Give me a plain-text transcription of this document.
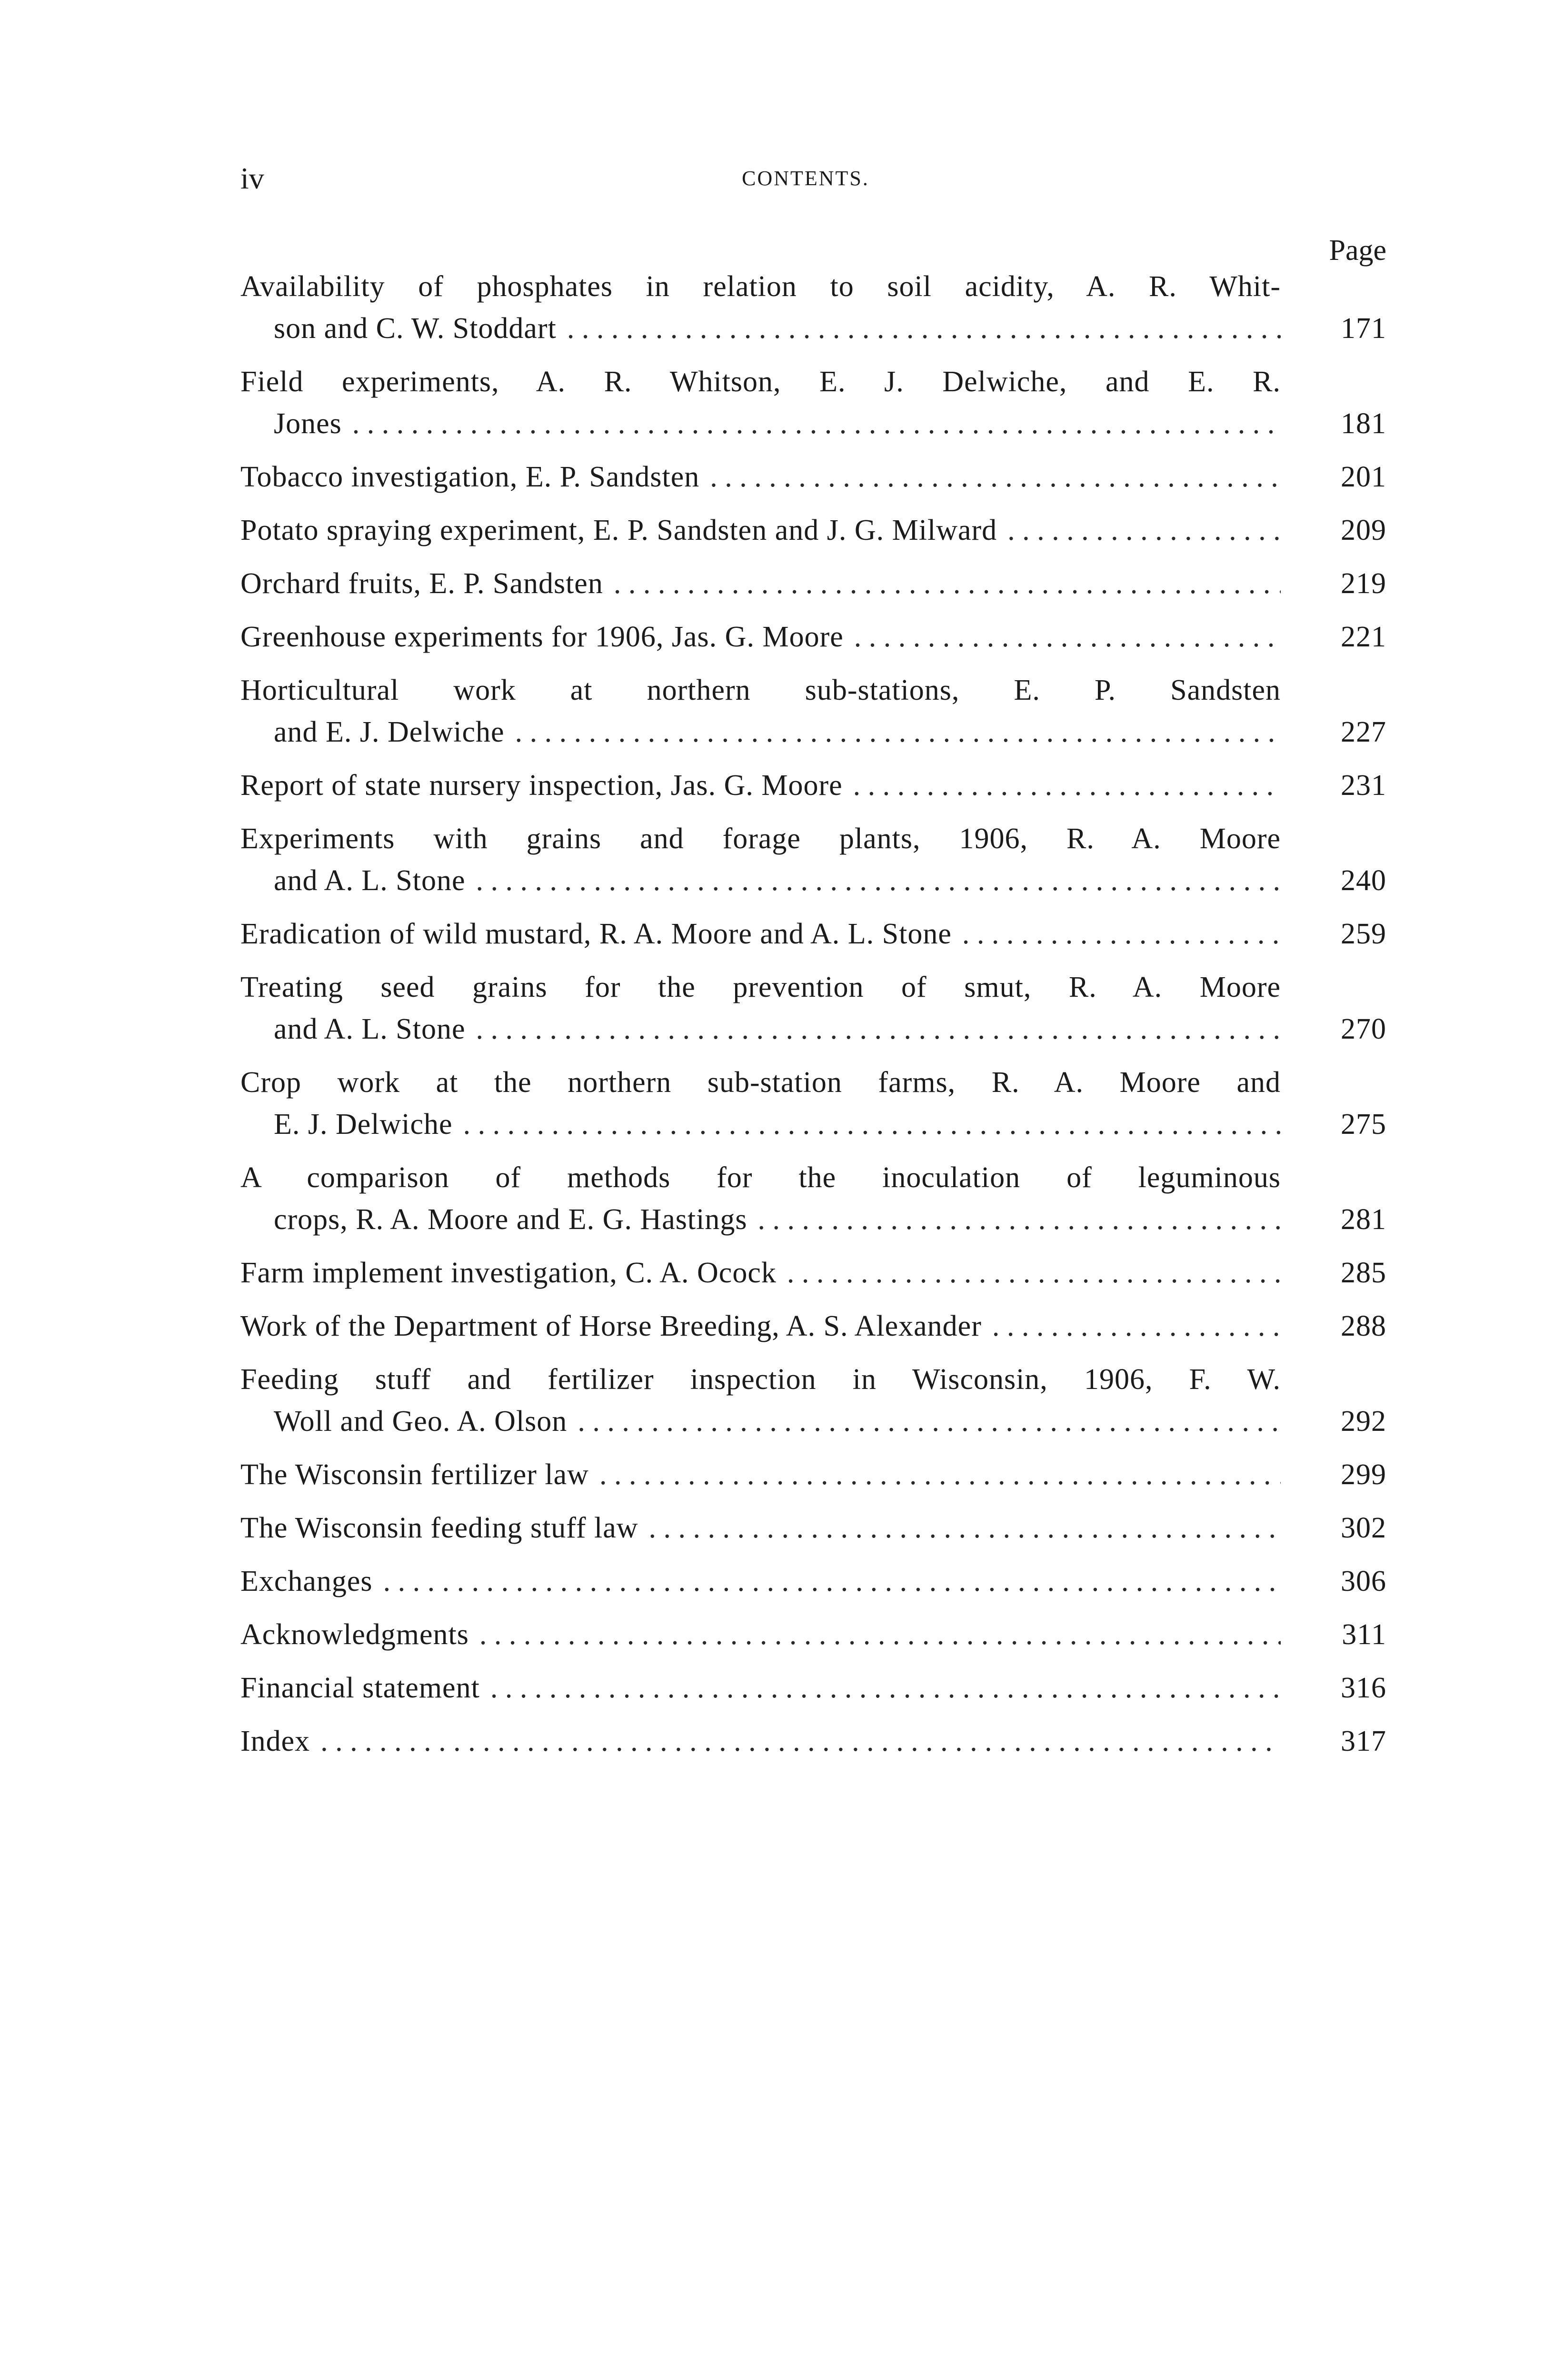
iv	CONTENTS.
Page
Availability of phosphates in relation to soil acidity, A. R. Whit-
son and C. W. Stoddart . . .	171
Field experiments, A. R. Whitson, E. J. Delwiche, and E. R.
Jones . . .	181
Tobacco investigation, E. P. Sandsten . . .	201
Potato spraying experiment, E. P. Sandsten and J. G. Milward . . .	209
Orchard fruits, E. P. Sandsten . . .	219
Greenhouse experiments for 1906, Jas. G. Moore . . .	221
Horticultural work at northern sub-stations, E. P. Sandsten
and E. J. Delwiche . . .	227
Report of state nursery inspection, Jas. G. Moore . . .	231
Experiments with grains and forage plants, 1906, R. A. Moore
and A. L. Stone . . .	240
Eradication of wild mustard, R. A. Moore and A. L. Stone . . .	259
Treating seed grains for the prevention of smut, R. A. Moore
and A. L. Stone . . .	270
Crop work at the northern sub-station farms, R. A. Moore and
E. J. Delwiche . . .	275
A comparison of methods for the inoculation of leguminous
crops, R. A. Moore and E. G. Hastings . . .	281
Farm implement investigation, C. A. Ocock . . .	285
Work of the Department of Horse Breeding, A. S. Alexander . . .	288
Feeding stuff and fertilizer inspection in Wisconsin, 1906, F. W.
Woll and Geo. A. Olson . . .	292
The Wisconsin fertilizer law . . .	299
The Wisconsin feeding stuff law . . .	302
Exchanges . . .	306
Acknowledgments . . .	311
Financial statement . . .	316
Index . . .	317
